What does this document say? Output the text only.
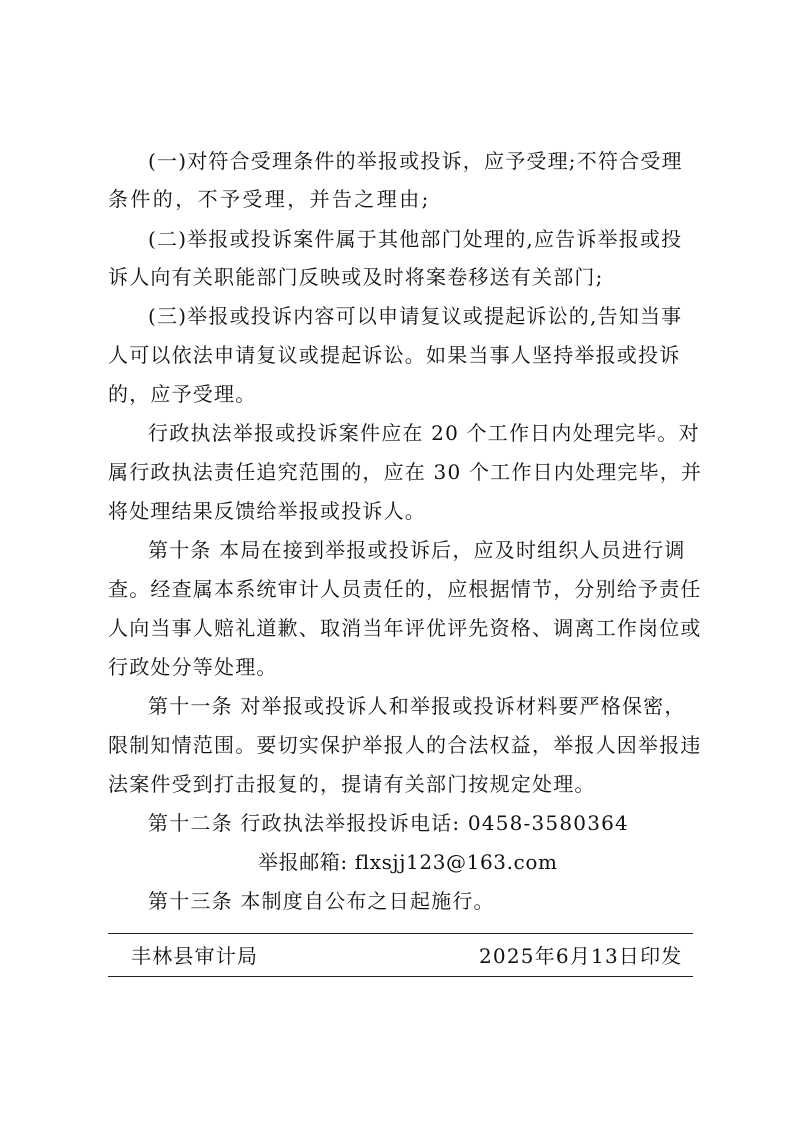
(一)对符合受理条件的举报或投诉，应予受理;不符合受理
条件的，不予受理，并告之理由;
(二)举报或投诉案件属于其他部门处理的,应告诉举报或投
诉人向有关职能部门反映或及时将案卷移送有关部门;
(三)举报或投诉内容可以申请复议或提起诉讼的,告知当事
人可以依法申请复议或提起诉讼。如果当事人坚持举报或投诉
的，应予受理。
行政执法举报或投诉案件应在 20 个工作日内处理完毕。对
属行政执法责任追究范围的，应在 30 个工作日内处理完毕，并
将处理结果反馈给举报或投诉人。
第十条 本局在接到举报或投诉后，应及时组织人员进行调
查。经查属本系统审计人员责任的，应根据情节，分别给予责任
人向当事人赔礼道歉、取消当年评优评先资格、调离工作岗位或
行政处分等处理。
第十一条 对举报或投诉人和举报或投诉材料要严格保密，
限制知情范围。要切实保护举报人的合法权益，举报人因举报违
法案件受到打击报复的，提请有关部门按规定处理。
第十二条 行政执法举报投诉电话: 0458-3580364
举报邮箱: flxsjj123@163.com
第十三条 本制度自公布之日起施行。
丰林县审计局	2025年6月13日印发
